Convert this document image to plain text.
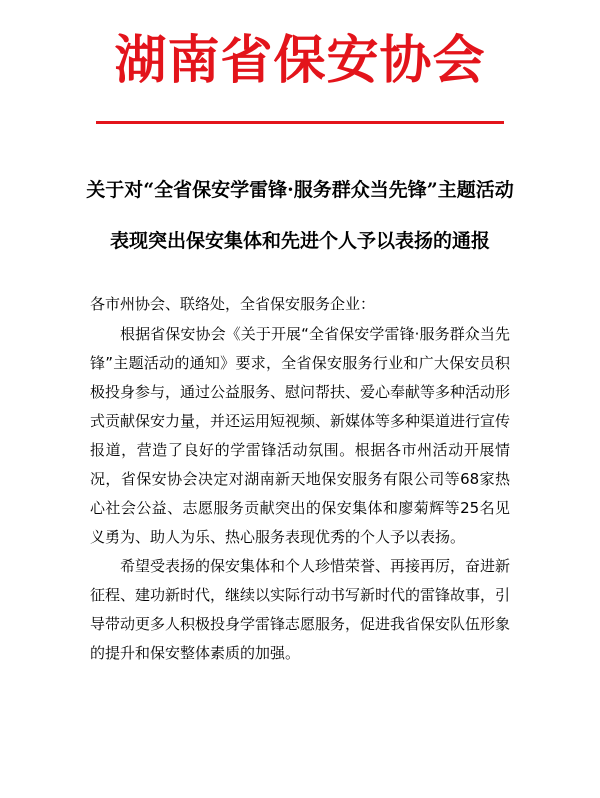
湖南省保安协会
关于对“全省保安学雷锋·服务群众当先锋”主题活动
表现突出保安集体和先进个人予以表扬的通报

各市州协会、联络处，全省保安服务企业：

根据省保安协会《关于开展“全省保安学雷锋·服务群众当先锋”主题活动的通知》要求，全省保安服务行业和广大保安员积极投身参与，通过公益服务、慰问帮扶、爱心奉献等多种活动形式贡献保安力量，并还运用短视频、新媒体等多种渠道进行宣传报道，营造了良好的学雷锋活动氛围。根据各市州活动开展情况，省保安协会决定对湖南新天地保安服务有限公司等68家热心社会公益、志愿服务贡献突出的保安集体和廖菊辉等25名见义勇为、助人为乐、热心服务表现优秀的个人予以表扬。

希望受表扬的保安集体和个人珍惜荣誉、再接再厉，奋进新征程、建功新时代，继续以实际行动书写新时代的雷锋故事，引导带动更多人积极投身学雷锋志愿服务，促进我省保安队伍形象的提升和保安整体素质的加强。
